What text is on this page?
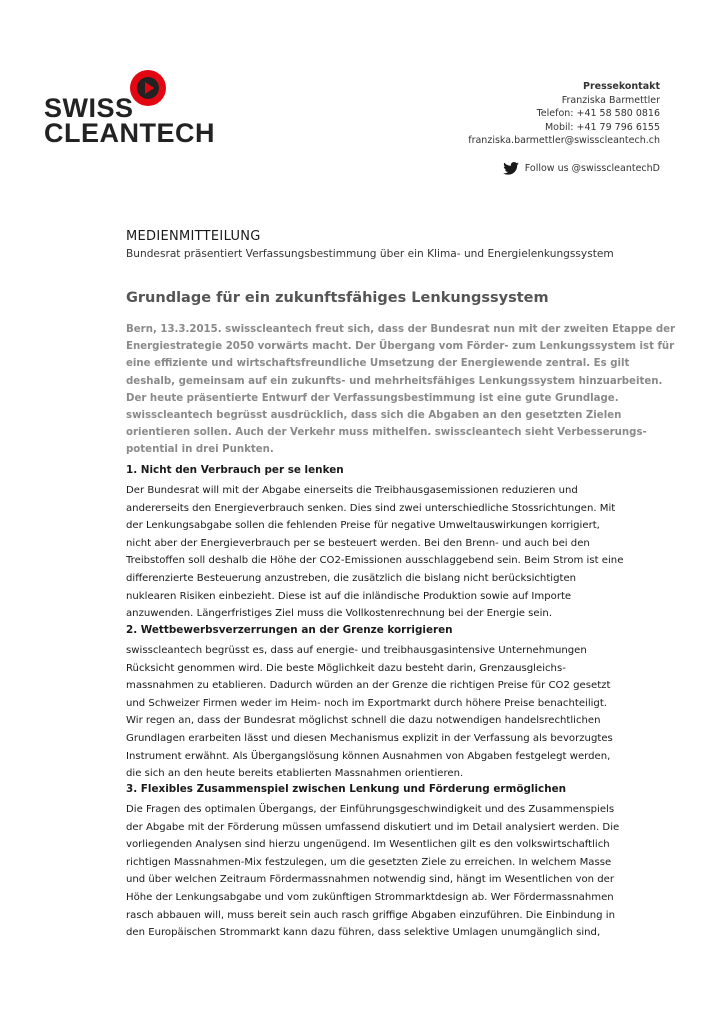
SWISS
CLEANTECH
Pressekontakt
Franziska Barmettler
Telefon: +41 58 580 0816
Mobil: +41 79 796 6155
franziska.barmettler@swisscleantech.ch
Follow us @swisscleantechD
MEDIENMITTEILUNG
Bundesrat präsentiert Verfassungsbestimmung über ein Klima- und Energielenkungssystem
Grundlage für ein zukunftsfähiges Lenkungssystem

Bern, 13.3.2015. swisscleantech freut sich, dass der Bundesrat nun mit der zweiten Etappe der

Energiestrategie 2050 vorwärts macht. Der Übergang vom Förder- zum Lenkungssystem ist für

eine effiziente und wirtschaftsfreundliche Umsetzung der Energiewende zentral. Es gilt

deshalb, gemeinsam auf ein zukunfts- und mehrheitsfähiges Lenkungssystem hinzuarbeiten.

Der heute präsentierte Entwurf der Verfassungsbestimmung ist eine gute Grundlage.

swisscleantech begrüsst ausdrücklich, dass sich die Abgaben an den gesetzten Zielen

orientieren sollen. Auch der Verkehr muss mithelfen. swisscleantech sieht Verbesserungs-

potential in drei Punkten.

1. Nicht den Verbrauch per se lenken

Der Bundesrat will mit der Abgabe einerseits die Treibhausgasemissionen reduzieren und

andererseits den Energieverbrauch senken. Dies sind zwei unterschiedliche Stossrichtungen. Mit

der Lenkungsabgabe sollen die fehlenden Preise für negative Umweltauswirkungen korrigiert,

nicht aber der Energieverbrauch per se besteuert werden. Bei den Brenn- und auch bei den

Treibstoffen soll deshalb die Höhe der CO2-Emissionen ausschlaggebend sein. Beim Strom ist eine

differenzierte Besteuerung anzustreben, die zusätzlich die bislang nicht berücksichtigten

nuklearen Risiken einbezieht. Diese ist auf die inländische Produktion sowie auf Importe

anzuwenden. Längerfristiges Ziel muss die Vollkostenrechnung bei der Energie sein.

2. Wettbewerbsverzerrungen an der Grenze korrigieren

swisscleantech begrüsst es, dass auf energie- und treibhausgasintensive Unternehmungen

Rücksicht genommen wird. Die beste Möglichkeit dazu besteht darin, Grenzausgleichs-

massnahmen zu etablieren. Dadurch würden an der Grenze die richtigen Preise für CO2 gesetzt

und Schweizer Firmen weder im Heim- noch im Exportmarkt durch höhere Preise benachteiligt.

Wir regen an, dass der Bundesrat möglichst schnell die dazu notwendigen handelsrechtlichen

Grundlagen erarbeiten lässt und diesen Mechanismus explizit in der Verfassung als bevorzugtes

Instrument erwähnt. Als Übergangslösung können Ausnahmen von Abgaben festgelegt werden,

die sich an den heute bereits etablierten Massnahmen orientieren.

3. Flexibles Zusammenspiel zwischen Lenkung und Förderung ermöglichen

Die Fragen des optimalen Übergangs, der Einführungsgeschwindigkeit und des Zusammenspiels

der Abgabe mit der Förderung müssen umfassend diskutiert und im Detail analysiert werden. Die

vorliegenden Analysen sind hierzu ungenügend. Im Wesentlichen gilt es den volkswirtschaftlich

richtigen Massnahmen-Mix festzulegen, um die gesetzten Ziele zu erreichen. In welchem Masse

und über welchen Zeitraum Fördermassnahmen notwendig sind, hängt im Wesentlichen von der

Höhe der Lenkungsabgabe und vom zukünftigen Strommarktdesign ab. Wer Fördermassnahmen

rasch abbauen will, muss bereit sein auch rasch griffige Abgaben einzuführen. Die Einbindung in

den Europäischen Strommarkt kann dazu führen, dass selektive Umlagen unumgänglich sind,
